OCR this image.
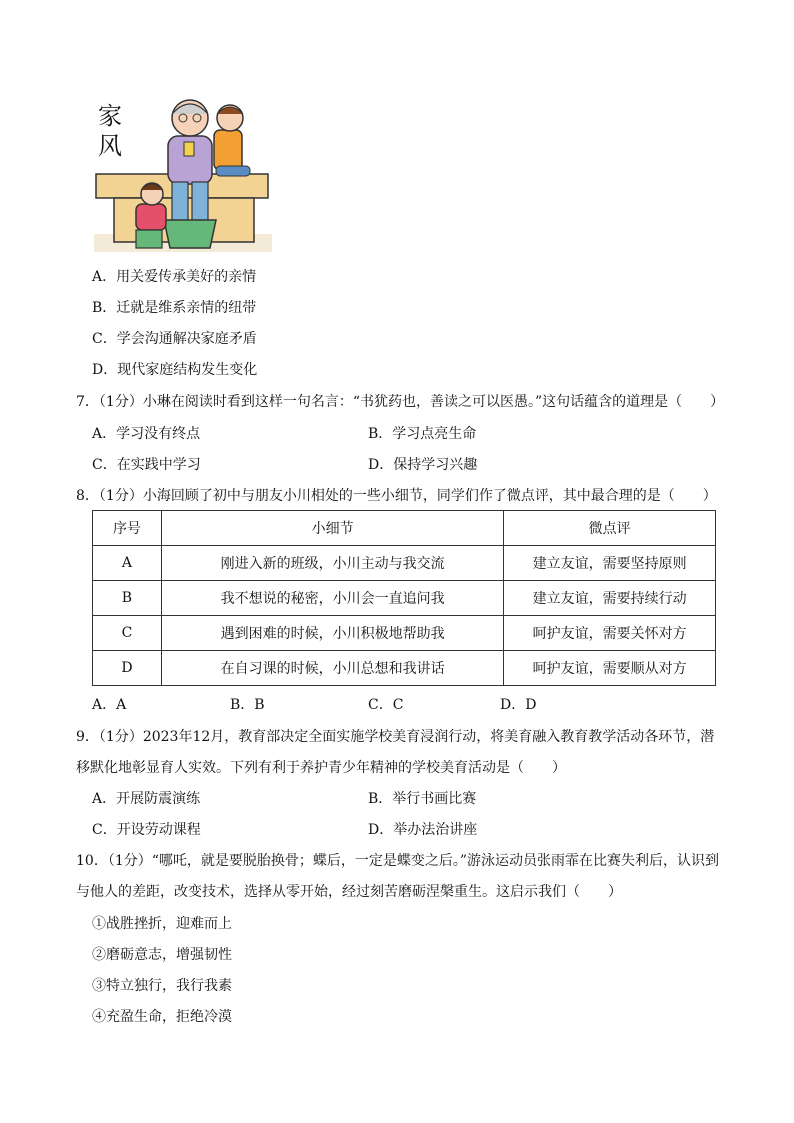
家
风
A．用关爱传承美好的亲情
B．迁就是维系亲情的纽带
C．学会沟通解决家庭矛盾
D．现代家庭结构发生变化
7．（1分）小琳在阅读时看到这样一句名言：“书犹药也，善读之可以医愚。”这句话蕴含的道理是（　　）
A．学习没有终点	B．学习点亮生命
C．在实践中学习	D．保持学习兴趣
8．（1分）小海回顾了初中与朋友小川相处的一些小细节，同学们作了微点评，其中最合理的是（　　）
序号	小细节	微点评
A	刚进入新的班级，小川主动与我交流	建立友谊，需要坚持原则
B	我不想说的秘密，小川会一直追问我	建立友谊，需要持续行动
C	遇到困难的时候，小川积极地帮助我	呵护友谊，需要关怀对方
D	在自习课的时候，小川总想和我讲话	呵护友谊，需要顺从对方
A．A	B．B	C．C	D．D
9．（1分）2023年12月，教育部决定全面实施学校美育浸润行动，将美育融入教育教学活动各环节，潜
移默化地彰显育人实效。下列有利于养护青少年精神的学校美育活动是（　　）
A．开展防震演练	B．举行书画比赛
C．开设劳动课程	D．举办法治讲座
10．（1分）“哪吒，就是要脱胎换骨；蝶后，一定是蝶变之后。”游泳运动员张雨霏在比赛失利后，认识到
与他人的差距，改变技术，选择从零开始，经过刻苦磨砺涅槃重生。这启示我们（　　）
①战胜挫折，迎难而上
②磨砺意志，增强韧性
③特立独行，我行我素
④充盈生命，拒绝冷漠
